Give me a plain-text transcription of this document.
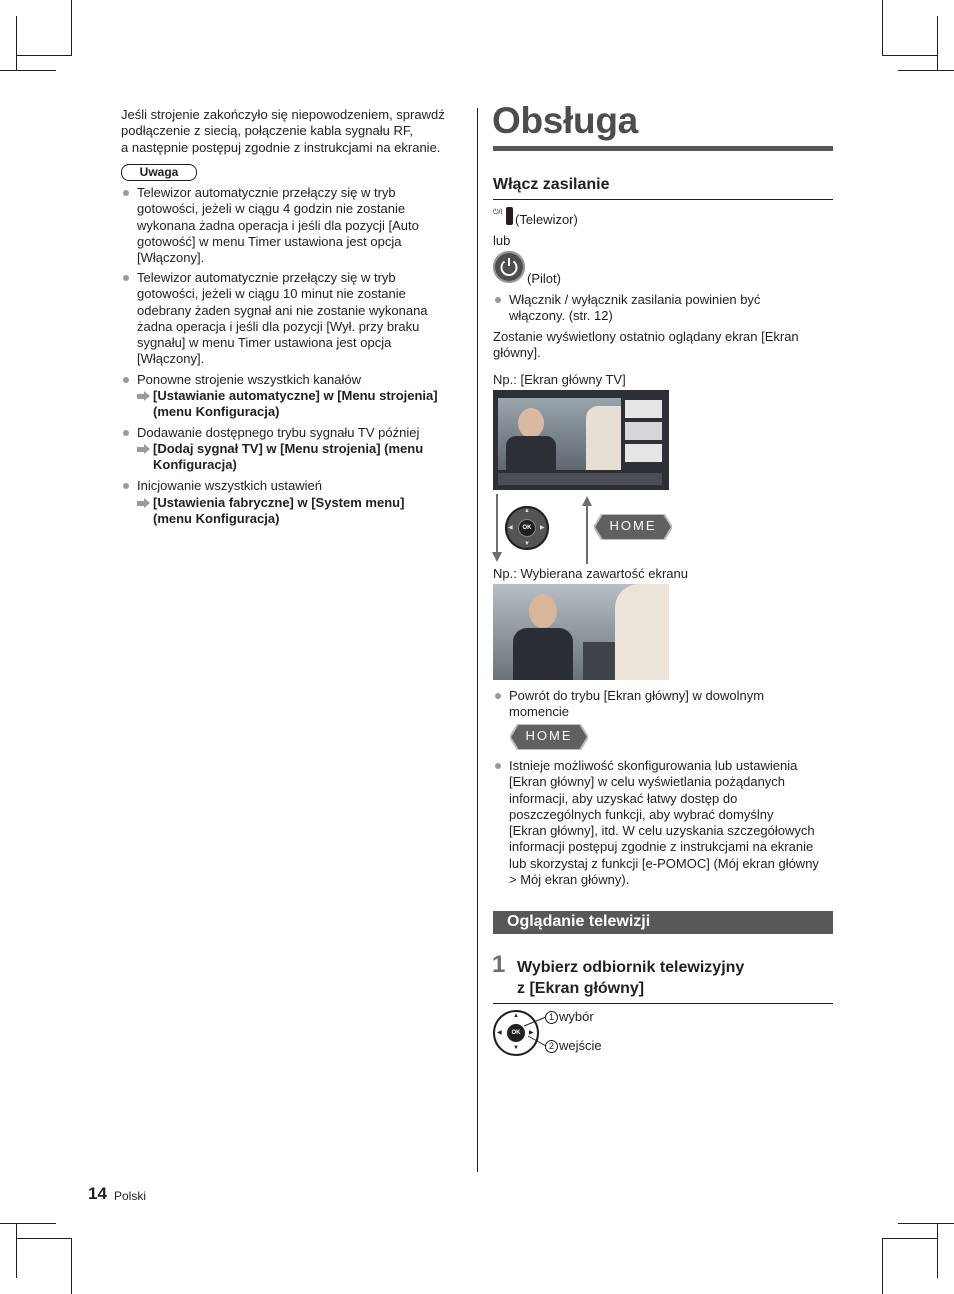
Jeśli strojenie zakończyło się niepowodzeniem, sprawdź
podłączenie z siecią, połączenie kabla sygnału RF,
a następnie postępuj zgodnie z instrukcjami na ekranie.
Uwaga
Telewizor automatycznie przełączy się w tryb
gotowości, jeżeli w ciągu 4 godzin nie zostanie
wykonana żadna operacja i jeśli dla pozycji [Auto
gotowość] w menu Timer ustawiona jest opcja
[Włączony].
Telewizor automatycznie przełączy się w tryb
gotowości, jeżeli w ciągu 10 minut nie zostanie
odebrany żaden sygnał ani nie zostanie wykonana
żadna operacja i jeśli dla pozycji [Wył. przy braku
sygnału] w menu Timer ustawiona jest opcja
[Włączony].
Ponowne strojenie wszystkich kanałów
[Ustawianie automatyczne] w [Menu strojenia]
(menu Konfiguracja)
Dodawanie dostępnego trybu sygnału TV później
[Dodaj sygnał TV] w [Menu strojenia] (menu
Konfiguracja)
Inicjowanie wszystkich ustawień
[Ustawienia fabryczne] w [System menu]
(menu Konfiguracja)
14 Polski
Obsługa
Włącz zasilanie
⏻/I (Telewizor)
lub
(Pilot)
Włącznik / wyłącznik zasilania powinien być
włączony. (str. 12)
Zostanie wyświetlony ostatnio oglądany ekran [Ekran
główny].
Np.: [Ekran główny TV]
OK
▲
▼
◀	▶	HOME
Np.: Wybierana zawartość ekranu
Powrót do trybu [Ekran główny] w dowolnym
momencie
HOME
Istnieje możliwość skonfigurowania lub ustawienia
[Ekran główny] w celu wyświetlania pożądanych
informacji, aby uzyskać łatwy dostęp do
poszczególnych funkcji, aby wybrać domyślny
[Ekran główny], itd. W celu uzyskania szczegółowych
informacji postępuj zgodnie z instrukcjami na ekranie
lub skorzystaj z funkcji [e-POMOC] (Mój ekran główny
> Mój ekran główny).
Oglądanie telewizji
1 Wybierz odbiornik telewizyjny
z [Ekran główny]
OK
▲
▼
◀	▶
1 wybór
2 wejście
